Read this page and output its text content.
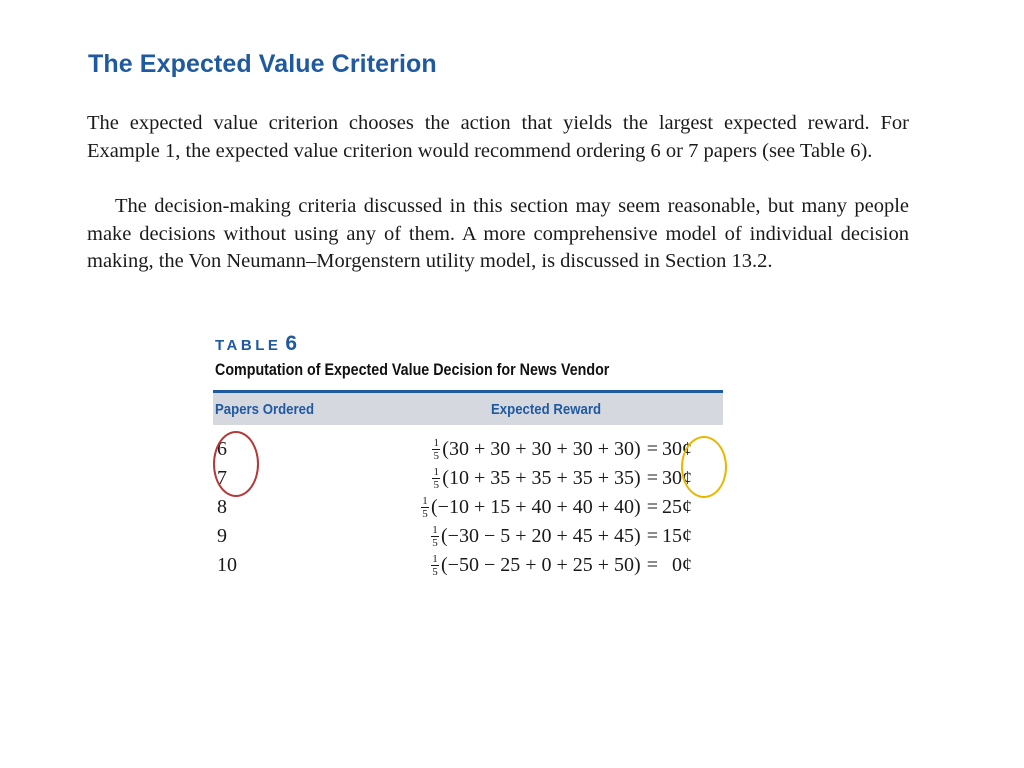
The Expected Value Criterion

The expected value criterion chooses the action that yields the largest expected reward. For Example 1, the expected value criterion would recommend ordering 6 or 7 papers (see Table 6).

The decision-making criteria discussed in this section may seem reasonable, but many people make decisions without using any of them. A more comprehensive model of individual decision making, the Von Neumann–Morgenstern utility model, is discussed in Section 13.2.

TABLE 6
Computation of Expected Value Decision for News Vendor
Papers Ordered	Expected Reward
6	$\frac{1}{5} (30 + 30 + 30 + 30 + 30)$ = 30¢
7	$\frac{1}{5} (10 + 35 + 35 + 35 + 35)$ = 30¢
8	$\frac{1}{5} (-10 + 15 + 40 + 40 + 40)$ = 25¢
9	$\frac{1}{5} (-30 - 5 + 20 + 45 + 45)$ = 15¢
10	$\frac{1}{5} (-50 - 25 + 0 + 25 + 50)$ = 0¢
